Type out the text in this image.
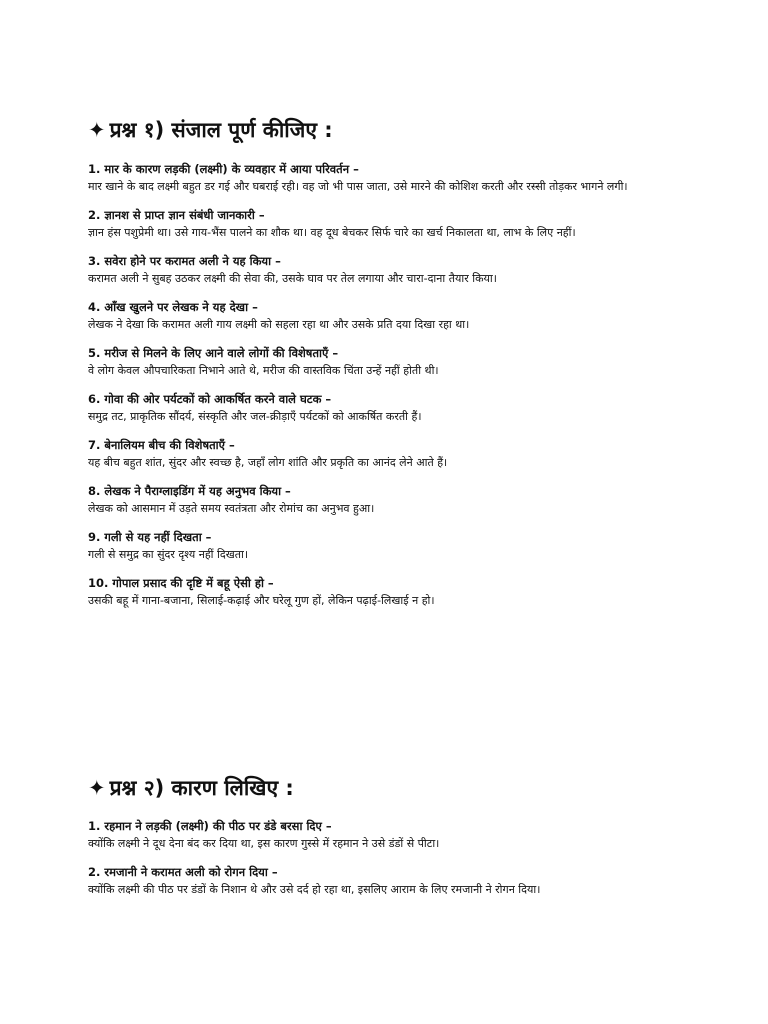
✦ प्रश्न १) संजाल पूर्ण कीजिए :
1. मार के कारण लड़की (लक्ष्मी) के व्यवहार में आया परिवर्तन –
मार खाने के बाद लक्ष्मी बहुत डर गई और घबराई रही। वह जो भी पास जाता, उसे मारने की कोशिश करती और रस्सी तोड़कर भागने लगी।
2. ज्ञानश से प्राप्त ज्ञान संबंधी जानकारी –
ज्ञान हंस पशुप्रेमी था। उसे गाय-भैंस पालने का शौक था। वह दूध बेचकर सिर्फ चारे का खर्च निकालता था, लाभ के लिए नहीं।
3. सवेरा होने पर करामत अली ने यह किया –
करामत अली ने सुबह उठकर लक्ष्मी की सेवा की, उसके घाव पर तेल लगाया और चारा-दाना तैयार किया।
4. आँख खुलने पर लेखक ने यह देखा –
लेखक ने देखा कि करामत अली गाय लक्ष्मी को सहला रहा था और उसके प्रति दया दिखा रहा था।
5. मरीज से मिलने के लिए आने वाले लोगों की विशेषताएँ –
वे लोग केवल औपचारिकता निभाने आते थे, मरीज की वास्तविक चिंता उन्हें नहीं होती थी।
6. गोवा की ओर पर्यटकों को आकर्षित करने वाले घटक –
समुद्र तट, प्राकृतिक सौंदर्य, संस्कृति और जल-क्रीड़ाएँ पर्यटकों को आकर्षित करती हैं।
7. बेनालियम बीच की विशेषताएँ –
यह बीच बहुत शांत, सुंदर और स्वच्छ है, जहाँ लोग शांति और प्रकृति का आनंद लेने आते हैं।
8. लेखक ने पैराग्लाइडिंग में यह अनुभव किया –
लेखक को आसमान में उड़ते समय स्वतंत्रता और रोमांच का अनुभव हुआ।
9. गली से यह नहीं दिखता –
गली से समुद्र का सुंदर दृश्य नहीं दिखता।
10. गोपाल प्रसाद की दृष्टि में बहू ऐसी हो –
उसकी बहू में गाना-बजाना, सिलाई-कढ़ाई और घरेलू गुण हों, लेकिन पढ़ाई-लिखाई न हो।
✦ प्रश्न २) कारण लिखिए :
1. रहमान ने लड़की (लक्ष्मी) की पीठ पर डंडे बरसा दिए –
क्योंकि लक्ष्मी ने दूध देना बंद कर दिया था, इस कारण गुस्से में रहमान ने उसे डंडों से पीटा।
2. रमजानी ने करामत अली को रोगन दिया –
क्योंकि लक्ष्मी की पीठ पर डंडों के निशान थे और उसे दर्द हो रहा था, इसलिए आराम के लिए रमजानी ने रोगन दिया।
